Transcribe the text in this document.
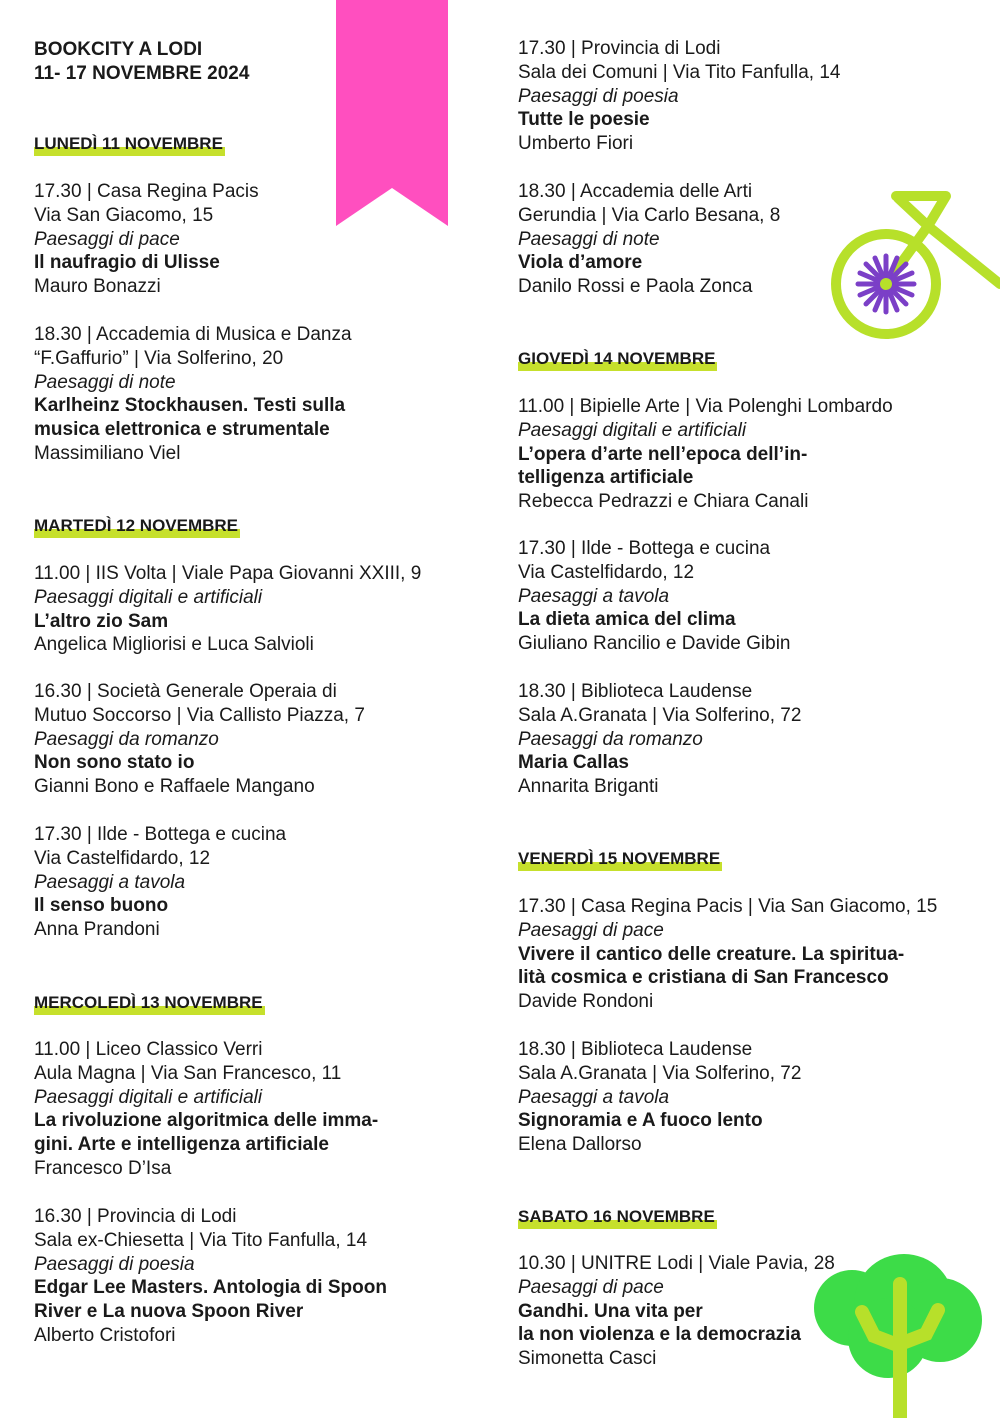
BOOKCITY A LODI
11- 17 NOVEMBRE 2024
LUNEDÌ 11 NOVEMBRE
17.30 | Casa Regina Pacis
Via San Giacomo, 15
Paesaggi di pace
Il naufragio di Ulisse
Mauro Bonazzi
18.30 | Accademia di Musica e Danza
“F.Gaffurio” | Via Solferino, 20
Paesaggi di note
Karlheinz Stockhausen. Testi sulla
musica elettronica e strumentale
Massimiliano Viel
MARTEDÌ 12 NOVEMBRE
11.00 | IIS Volta | Viale Papa Giovanni XXIII, 9
Paesaggi digitali e artificiali
L’altro zio Sam
Angelica Migliorisi e Luca Salvioli
16.30 | Società Generale Operaia di
Mutuo Soccorso | Via Callisto Piazza, 7
Paesaggi da romanzo
Non sono stato io
Gianni Bono e Raffaele Mangano
17.30 | Ilde - Bottega e cucina
Via Castelfidardo, 12
Paesaggi a tavola
Il senso buono
Anna Prandoni
MERCOLEDÌ 13 NOVEMBRE
11.00 | Liceo Classico Verri
Aula Magna | Via San Francesco, 11
Paesaggi digitali e artificiali
La rivoluzione algoritmica delle imma-
gini. Arte e intelligenza artificiale
Francesco D’Isa
16.30 | Provincia di Lodi
Sala ex-Chiesetta | Via Tito Fanfulla, 14
Paesaggi di poesia
Edgar Lee Masters. Antologia di Spoon
River e La nuova Spoon River
Alberto Cristofori
17.30 | Provincia di Lodi
Sala dei Comuni | Via Tito Fanfulla, 14
Paesaggi di poesia
Tutte le poesie
Umberto Fiori
18.30 | Accademia delle Arti
Gerundia | Via Carlo Besana, 8
Paesaggi di note
Viola d’amore
Danilo Rossi e Paola Zonca
GIOVEDÌ 14 NOVEMBRE
11.00 | Bipielle Arte | Via Polenghi Lombardo
Paesaggi digitali e artificiali
L’opera d’arte nell’epoca dell’in-
telligenza artificiale
Rebecca Pedrazzi e Chiara Canali
17.30 | Ilde - Bottega e cucina
Via Castelfidardo, 12
Paesaggi a tavola
La dieta amica del clima
Giuliano Rancilio e Davide Gibin
18.30 | Biblioteca Laudense
Sala A.Granata | Via Solferino, 72
Paesaggi da romanzo
Maria Callas
Annarita Briganti
VENERDÌ 15 NOVEMBRE
17.30 | Casa Regina Pacis | Via San Giacomo, 15
Paesaggi di pace
Vivere il cantico delle creature. La spiritua-
lità cosmica e cristiana di San Francesco
Davide Rondoni
18.30 | Biblioteca Laudense
Sala A.Granata | Via Solferino, 72
Paesaggi a tavola
Signoramia e A fuoco lento
Elena Dallorso
SABATO 16 NOVEMBRE
10.30 | UNITRE Lodi | Viale Pavia, 28
Paesaggi di pace
Gandhi. Una vita per
la non violenza e la democrazia
Simonetta Casci
